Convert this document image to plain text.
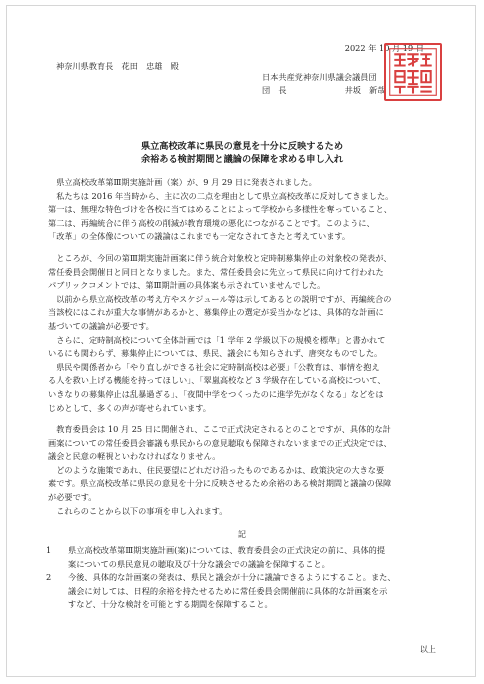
2022 年 10 月 19 日
神奈川県教育長　花田　忠雄　殿
日本共産党神奈川県議会議員団
団　長	井坂　新哉
県立高校改革に県民の意見を十分に反映するため
余裕ある検討期間と議論の保障を求める申し入れ

　県立高校改革第Ⅲ期実施計画（案）が、9 月 29 日に発表されました。

　私たちは 2016 年当時から、主に次の二点を理由として県立高校改革に反対してきました。

第一は、無理な特色づけを各校に当てはめることによって学校から多様性を奪っていること、

第二は、再編統合に伴う高校の削減が教育環境の悪化につながることです。このように、

「改革」の全体像についての議論はこれまでも一定なされてきたと考えています。

　ところが、今回の第Ⅲ期実施計画案に伴う統合対象校と定時制募集停止の対象校の発表が、

常任委員会開催日と同日となりました。また、常任委員会に先立って県民に向けて行われた

パブリックコメントでは、第Ⅲ期計画の具体案も示されていませんでした。

　以前から県立高校改革の考え方やスケジュール等は示してあるとの説明ですが、再編統合の

当該校にはこれが重大な事情があるかと、募集停止の選定が妥当かなどは、具体的な計画に

基づいての議論が必要です。

　さらに、定時制高校について全体計画では「1 学年 2 学級以下の規模を標準」と書かれて

いるにも関わらず、募集停止については、県民、議会にも知らされず、唐突なものでした。

　県民や関係者から「やり直しができる社会に定時制高校は必要」「公教育は、事情を抱え

る人を救い上げる機能を持ってほしい」、「翠嵐高校など 3 学級存在している高校について、

いきなりの募集停止は乱暴過ぎる」、「夜間中学をつくったのに進学先がなくなる」などをは

じめとして、多くの声が寄せられています。

　教育委員会は 10 月 25 日に開催され、ここで正式決定されるとのことですが、具体的な計

画案についての常任委員会審議も県民からの意見聴取も保障されないままでの正式決定では、

議会と民意の軽視といわなければなりません。

　どのような施策であれ、住民要望にどれだけ沿ったものであるかは、政策決定の大きな要

素です。県立高校改革に県民の意見を十分に反映させるため余裕のある検討期間と議論の保障

が必要です。

　これらのことから以下の事項を申し入れます。

記

1 県立高校改革第Ⅲ期実施計画(案)については、教育委員会の正式決定の前に、具体的提

案についての県民意見の聴取及び十分な議会での議論を保障すること。

2 今後、具体的な計画案の発表は、県民と議会が十分に議論できるようにすること。また、

議会に対しては、日程的余裕を持たせるために常任委員会開催前に具体的な計画案を示

すなど、十分な検討を可能とする期間を保障すること。

以上
